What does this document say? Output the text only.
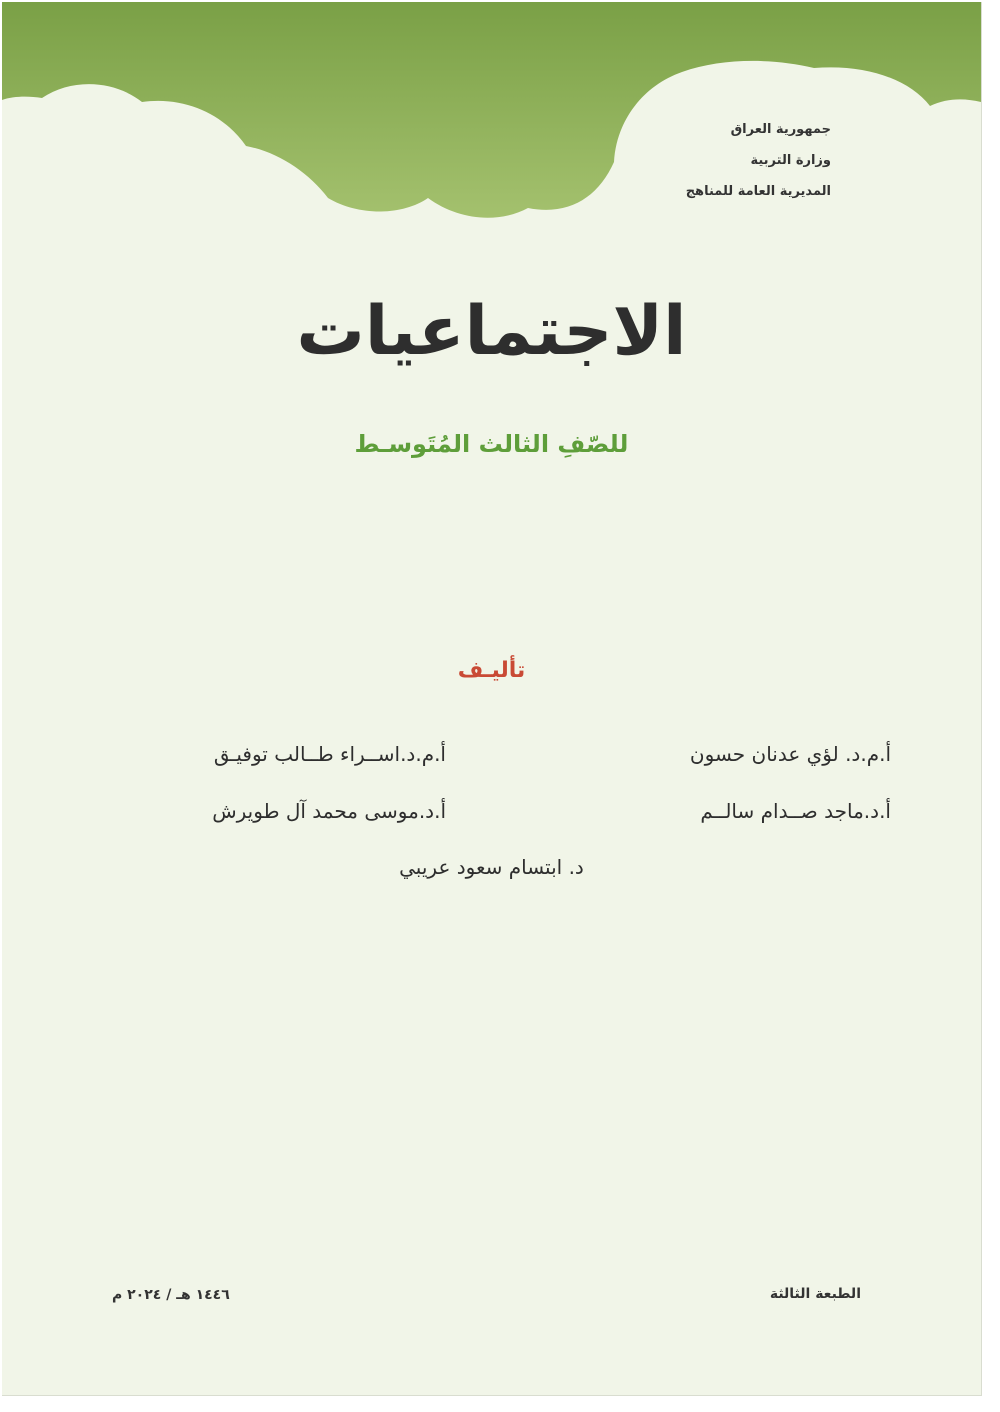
جمهورية العراق
وزارة التربية
المديرية العامة للمناهج
الاجتماعيات
للصّفِ الثالث المُتَوسـط
تأليـف
أ.م.د. لؤي عدنان حسون
أ.م.د.اســراء طــالب توفيـق
أ.د.ماجد صــدام سالــم
أ.د.موسى محمد آل طويرش
د. ابتسام سعود عريبي
الطبعة الثالثة
١٤٤٦ هـ / ٢٠٢٤ م
